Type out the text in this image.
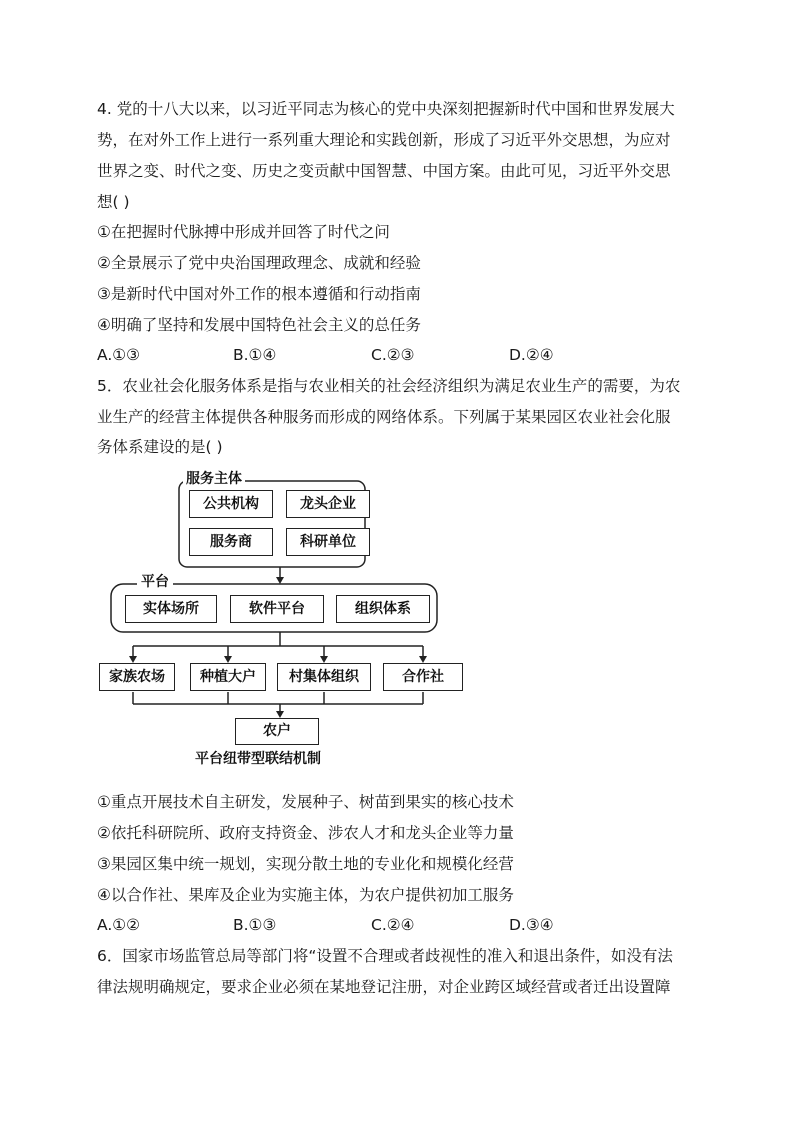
4. 党的十八大以来，以习近平同志为核心的党中央深刻把握新时代中国和世界发展大
势，在对外工作上进行一系列重大理论和实践创新，形成了习近平外交思想，为应对
世界之变、时代之变、历史之变贡献中国智慧、中国方案。由此可见，习近平外交思
想( )
①在把握时代脉搏中形成并回答了时代之问
②全景展示了党中央治国理政理念、成就和经验
③是新时代中国对外工作的根本遵循和行动指南
④明确了坚持和发展中国特色社会主义的总任务
A.①③	B.①④	C.②③	D.②④
5．农业社会化服务体系是指与农业相关的社会经济组织为满足农业生产的需要，为农
业生产的经营主体提供各种服务而形成的网络体系。下列属于某果园区农业社会化服
务体系建设的是( )
服务主体
公共机构	龙头企业
服务商	科研单位
平台
实体场所	软件平台	组织体系
家族农场	种植大户	村集体组织	合作社
农户
平台纽带型联结机制
①重点开展技术自主研发，发展种子、树苗到果实的核心技术
②依托科研院所、政府支持资金、涉农人才和龙头企业等力量
③果园区集中统一规划，实现分散土地的专业化和规模化经营
④以合作社、果库及企业为实施主体，为农户提供初加工服务
A.①②	B.①③	C.②④	D.③④
6．国家市场监管总局等部门将“设置不合理或者歧视性的准入和退出条件，如没有法
律法规明确规定，要求企业必须在某地登记注册，对企业跨区域经营或者迁出设置障
